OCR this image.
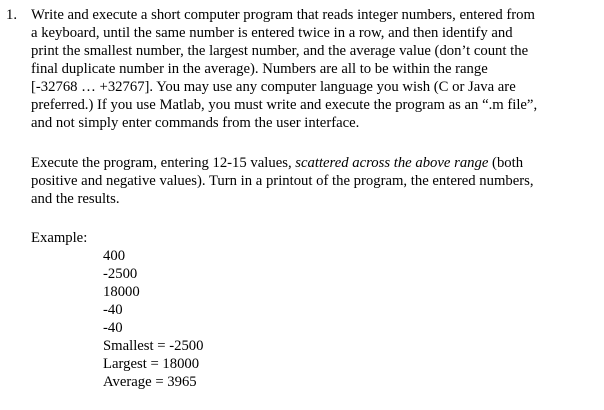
1. Write and execute a short computer program that reads integer numbers, entered from
a keyboard, until the same number is entered twice in a row, and then identify and
print the smallest number, the largest number, and the average value (don’t count the
final duplicate number in the average). Numbers are all to be within the range
[-32768 … +32767]. You may use any computer language you wish (C or Java are
preferred.) If you use Matlab, you must write and execute the program as an “.m file”,
and not simply enter commands from the user interface.
Execute the program, entering 12-15 values, scattered across the above range (both
positive and negative values). Turn in a printout of the program, the entered numbers,
and the results.
Example:
400
-2500
18000
-40
-40
Smallest = -2500
Largest = 18000
Average = 3965
